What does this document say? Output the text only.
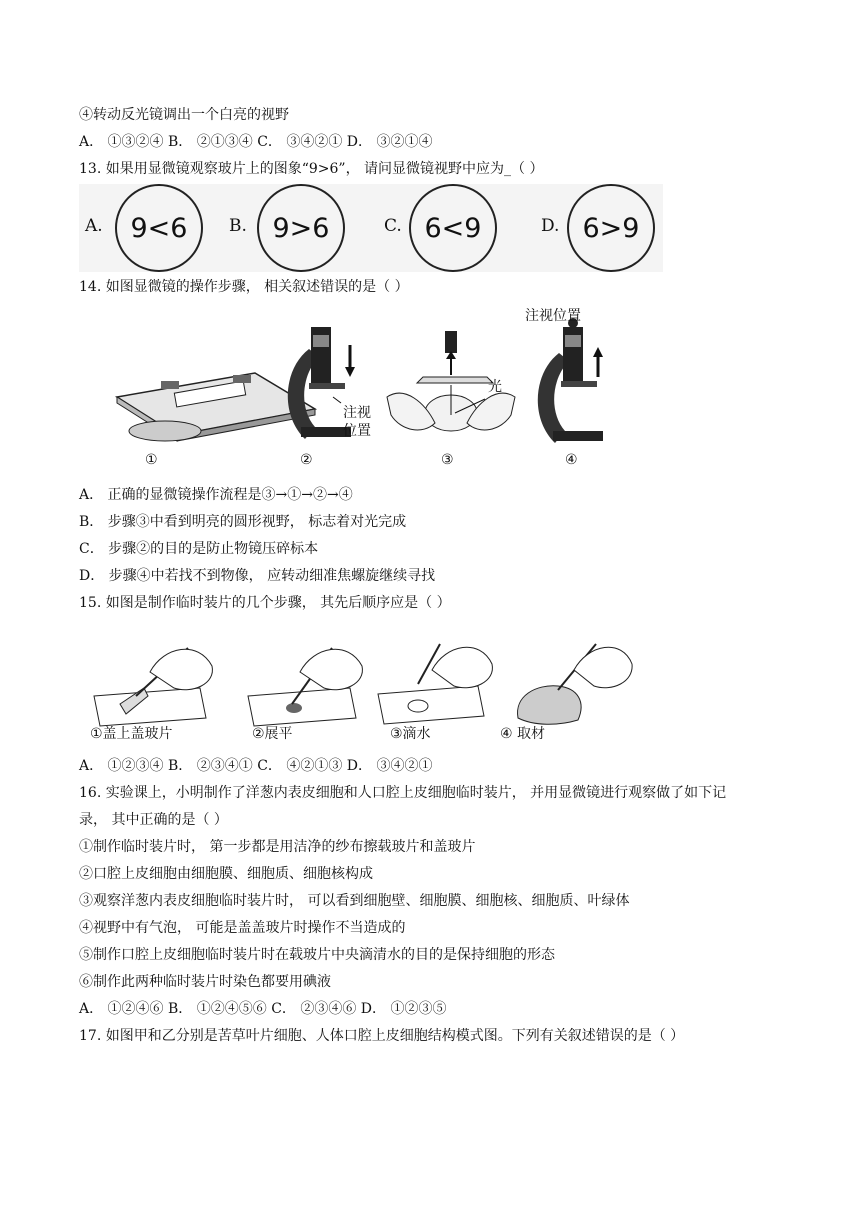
④转动反光镜调出一个白亮的视野
A． ①③②④ B． ②①③④ C． ③④②① D． ③②①④
13. 如果用显微镜观察玻片上的图象“9>6”， 请问显微镜视野中应为_（ ）
A.	9<6	B. 9>6	C. 6<9	D. 6>9
14. 如图显微镜的操作步骤， 相关叙述错误的是（ ）
注视
位置
光
注视位置
①	②	③	④
A． 正确的显微镜操作流程是③→①→②→④
B． 步骤③中看到明亮的圆形视野， 标志着对光完成
C． 步骤②的目的是防止物镜压碎标本
D． 步骤④中若找不到物像， 应转动细准焦螺旋继续寻找
15. 如图是制作临时装片的几个步骤， 其先后顺序应是（ ）
①盖上盖玻片	②展平	③滴水	④ 取材
A． ①②③④ B． ②③④① C． ④②①③ D． ③④②①
16. 实验课上，小明制作了洋葱内表皮细胞和人口腔上皮细胞临时装片， 并用显微镜进行观察做了如下记
录， 其中正确的是（ ）
①制作临时装片时， 第一步都是用洁净的纱布擦载玻片和盖玻片
②口腔上皮细胞由细胞膜、细胞质、细胞核构成
③观察洋葱内表皮细胞临时装片时， 可以看到细胞壁、细胞膜、细胞核、细胞质、叶绿体
④视野中有气泡， 可能是盖盖玻片时操作不当造成的
⑤制作口腔上皮细胞临时装片时在载玻片中央滴清水的目的是保持细胞的形态
⑥制作此两种临时装片时染色都要用碘液
A． ①②④⑥ B． ①②④⑤⑥ C． ②③④⑥ D． ①②③⑤
17. 如图甲和乙分别是苦草叶片细胞、人体口腔上皮细胞结构模式图。下列有关叙述错误的是（ ）
